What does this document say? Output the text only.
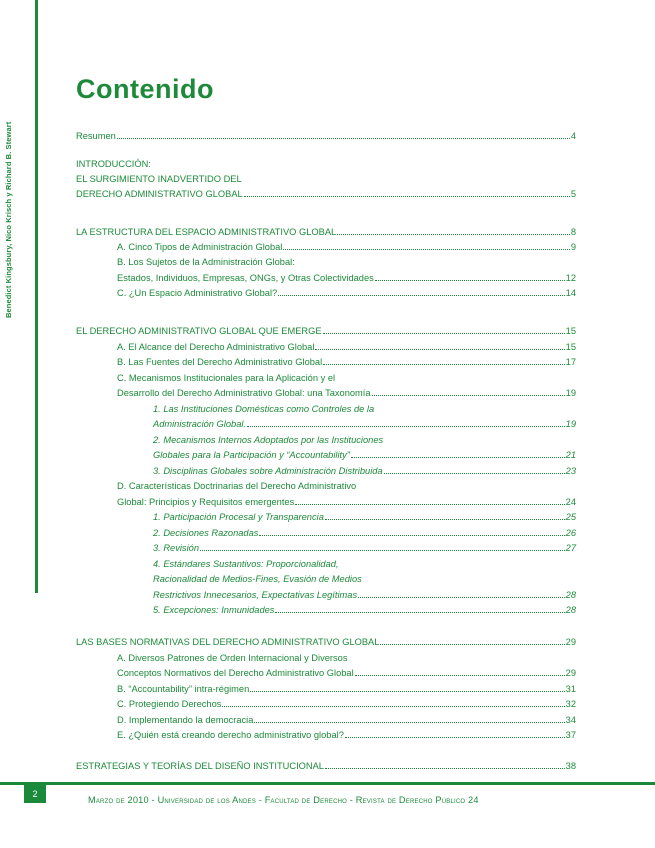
Benedict Kingsbury, Nico Krisch y Richard B. Stewart
Contenido
Resumen	4
INTRODUCCIÓN:
EL SURGIMIENTO INADVERTIDO DEL
DERECHO ADMINISTRATIVO GLOBAL	5
LA ESTRUCTURA DEL ESPACIO ADMINISTRATIVO GLOBAL	8
A. Cinco Tipos de Administración Global	9
B. Los Sujetos de la Administración Global:
Estados, Individuos, Empresas, ONGs, y Otras Colectividades	12
C. ¿Un Espacio Administrativo Global?	14
EL DERECHO ADMINISTRATIVO GLOBAL QUE EMERGE	15
A. El Alcance del Derecho Administrativo Global	15
B. Las Fuentes del Derecho Administrativo Global	17
C. Mecanismos Institucionales para la Aplicación y el
Desarrollo del Derecho Administrativo Global: una Taxonomía	19
1. Las Instituciones Domésticas como Controles de la
Administración Global.	19
2. Mecanismos Internos Adoptados por las Instituciones
Globales para la Participación y “Accountability”	21
3. Disciplinas Globales sobre Administración Distribuida	23
D. Características Doctrinarias del Derecho Administrativo
Global: Principios y Requisitos emergentes	24
1. Participación Procesal y Transparencia	25
2. Decisiones Razonadas	26
3. Revisión	27
4. Estándares Sustantivos: Proporcionalidad,
Racionalidad de Medios-Fines, Evasión de Medios
Restrictivos Innecesarios, Expectativas Legítimas	28
5. Excepciones: Inmunidades	28
LAS BASES NORMATIVAS DEL DERECHO ADMINISTRATIVO GLOBAL	29
A. Diversos Patrones de Orden Internacional y Diversos
Conceptos Normativos del Derecho Administrativo Global	29
B. “Accountability” intra-régimen	31
C. Protegiendo Derechos	32
D. Implementando la democracia	34
E. ¿Quién está creando derecho administrativo global?	37
ESTRATEGIAS Y TEORÍAS DEL DISEÑO INSTITUCIONAL	38
2
Marzo de 2010 - Universidad de los Andes - Facultad de Derecho - Revista de Derecho Público 24
